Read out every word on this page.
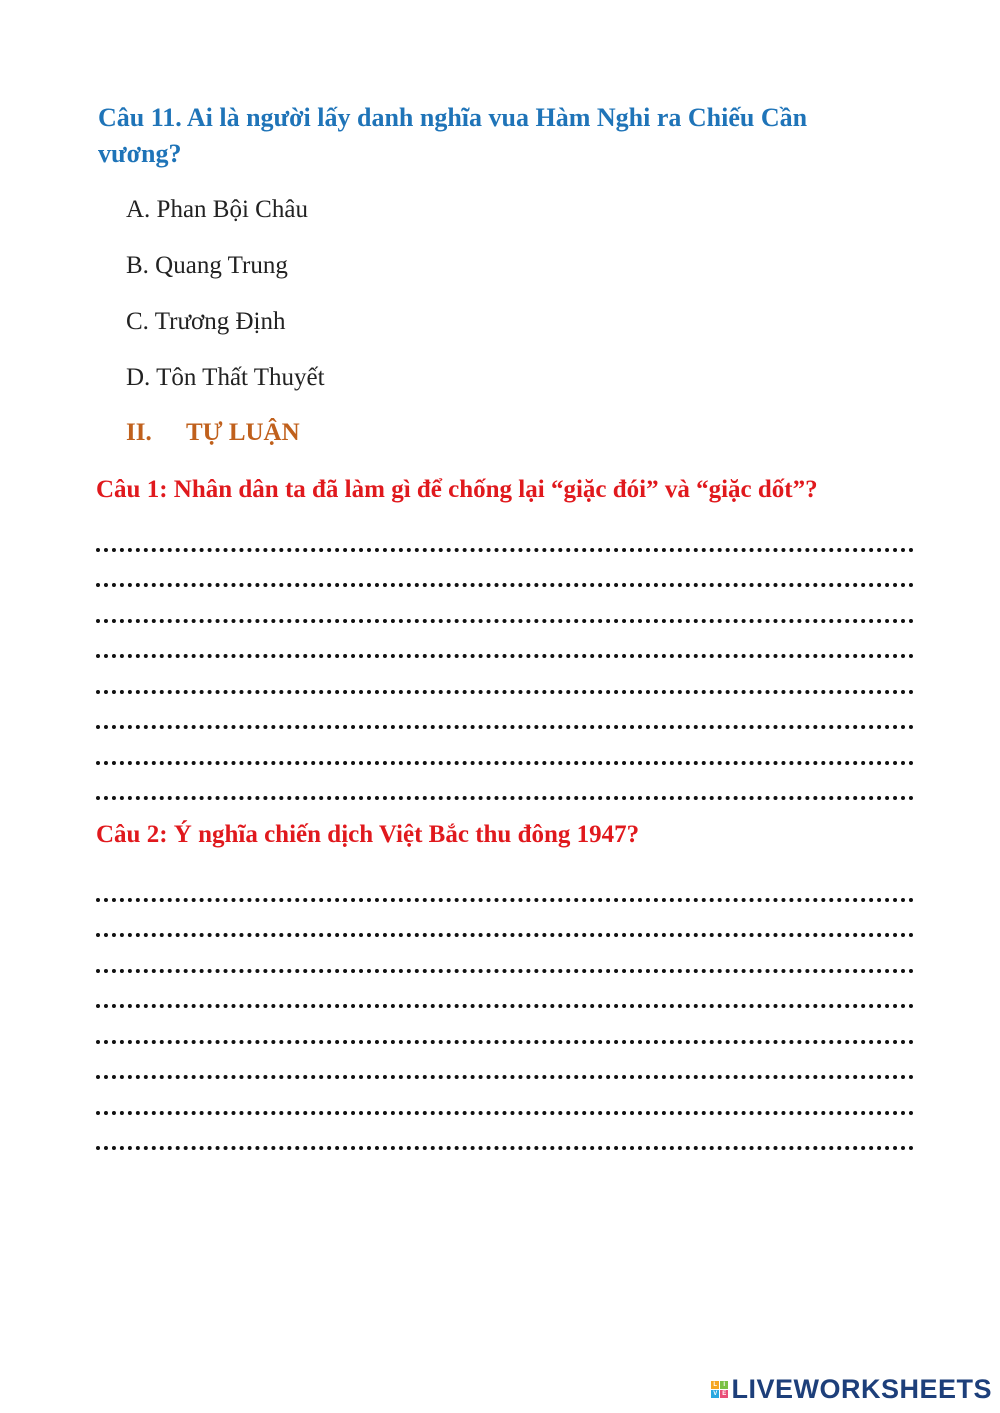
Câu 11. Ai là người lấy danh nghĩa vua Hàm Nghi ra Chiếu Cần vương?

A. Phan Bội Châu
B. Quang Trung
C. Trương Định
D. Tôn Thất Thuyết
II. TỰ LUẬN
Câu 1: Nhân dân ta đã làm gì để chống lại “giặc đói” và “giặc dốt”?
Câu 2: Ý nghĩa chiến dịch Việt Bắc thu đông 1947?
L I
V E LIVEWORKSHEETS
